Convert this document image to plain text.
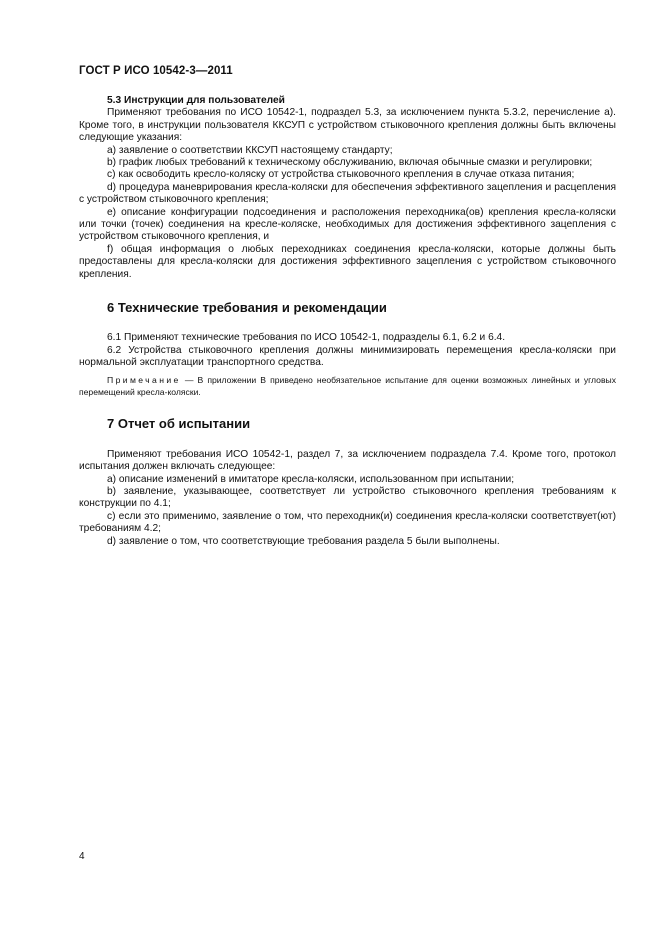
ГОСТ Р ИСО 10542-3—2011

5.3 Инструкции для пользователей

Применяют требования по ИСО 10542-1, подраздел 5.3, за исключением пункта 5.3.2, перечисление а). Кроме того, в инструкции пользователя ККСУП с устройством стыковочного крепления должны быть включены следующие указания:

a) заявление о соответствии ККСУП настоящему стандарту;

b) график любых требований к техническому обслуживанию, включая обычные смазки и регулировки;

c) как освободить кресло-коляску от устройства стыковочного крепления в случае отказа питания;

d) процедура маневрирования кресла-коляски для обеспечения эффективного зацепления и расцепления с устройством стыковочного крепления;

e) описание конфигурации подсоединения и расположения переходника(ов) крепления кресла-коляски или точки (точек) соединения на кресле-коляске, необходимых для достижения эффективного зацепления с устройством стыковочного крепления, и

f) общая информация о любых переходниках соединения кресла-коляски, которые должны быть предоставлены для кресла-коляски для достижения эффективного зацепления с устройством стыковочного крепления.

6 Технические требования и рекомендации

6.1 Применяют технические требования по ИСО 10542-1, подразделы 6.1, 6.2 и 6.4.

6.2 Устройства стыковочного крепления должны минимизировать перемещения кресла-коляски при нормальной эксплуатации транспортного средства.

Примечание — В приложении В приведено необязательное испытание для оценки возможных линейных и угловых перемещений кресла-коляски.

7 Отчет об испытании

Применяют требования ИСО 10542-1, раздел 7, за исключением подраздела 7.4. Кроме того, протокол испытания должен включать следующее:

a) описание изменений в имитаторе кресла-коляски, использованном при испытании;

b) заявление, указывающее, соответствует ли устройство стыковочного крепления требованиям к конструкции по 4.1;

c) если это применимо, заявление о том, что переходник(и) соединения кресла-коляски соответствует(ют) требованиям 4.2;

d) заявление о том, что соответствующие требования раздела 5 были выполнены.

4
